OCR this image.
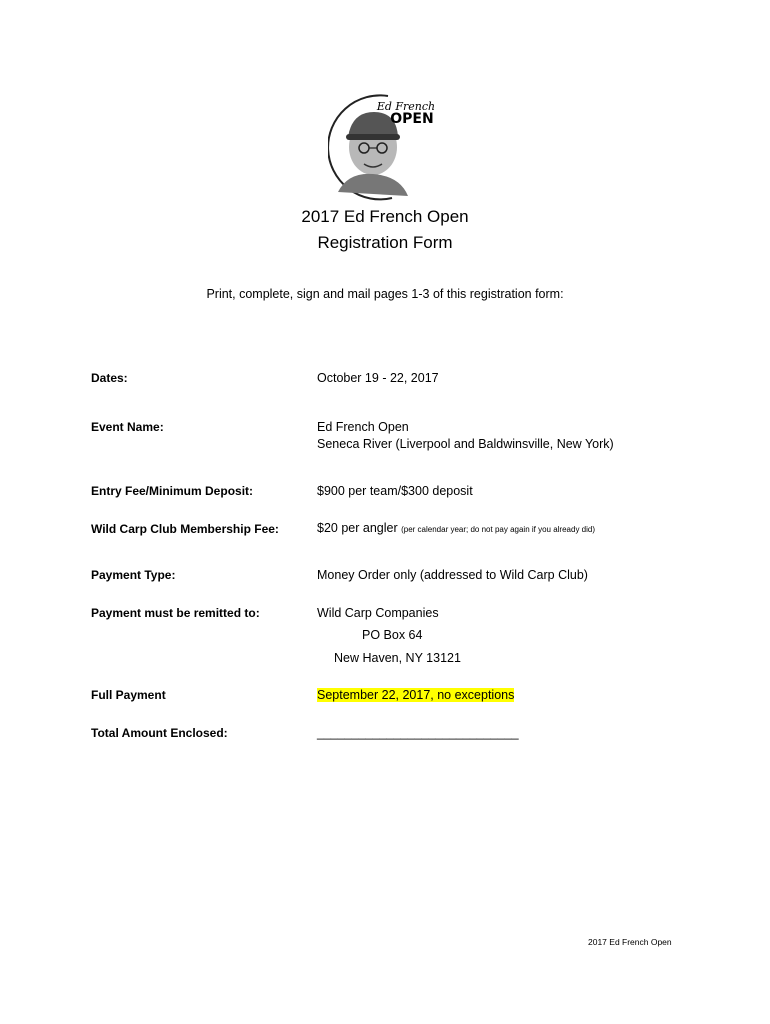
Ed French
OPEN
2017 Ed French Open
Registration Form
Print, complete, sign and mail pages 1-3 of this registration form:
Dates:	October 19 - 22, 2017
Event Name:	Ed French Open
Seneca River (Liverpool and Baldwinsville, New York)
Entry Fee/Minimum Deposit:	$900 per team/$300 deposit
Wild Carp Club Membership Fee:	$20 per angler (per calendar year; do not pay again if you already did)
Payment Type:	Money Order only (addressed to Wild Carp Club)
Payment must be remitted to:	Wild Carp Companies
PO Box 64
New Haven, NY 13121
Full Payment	September 22, 2017, no exceptions
Total Amount Enclosed:	_____________________________
2017 Ed French Open
